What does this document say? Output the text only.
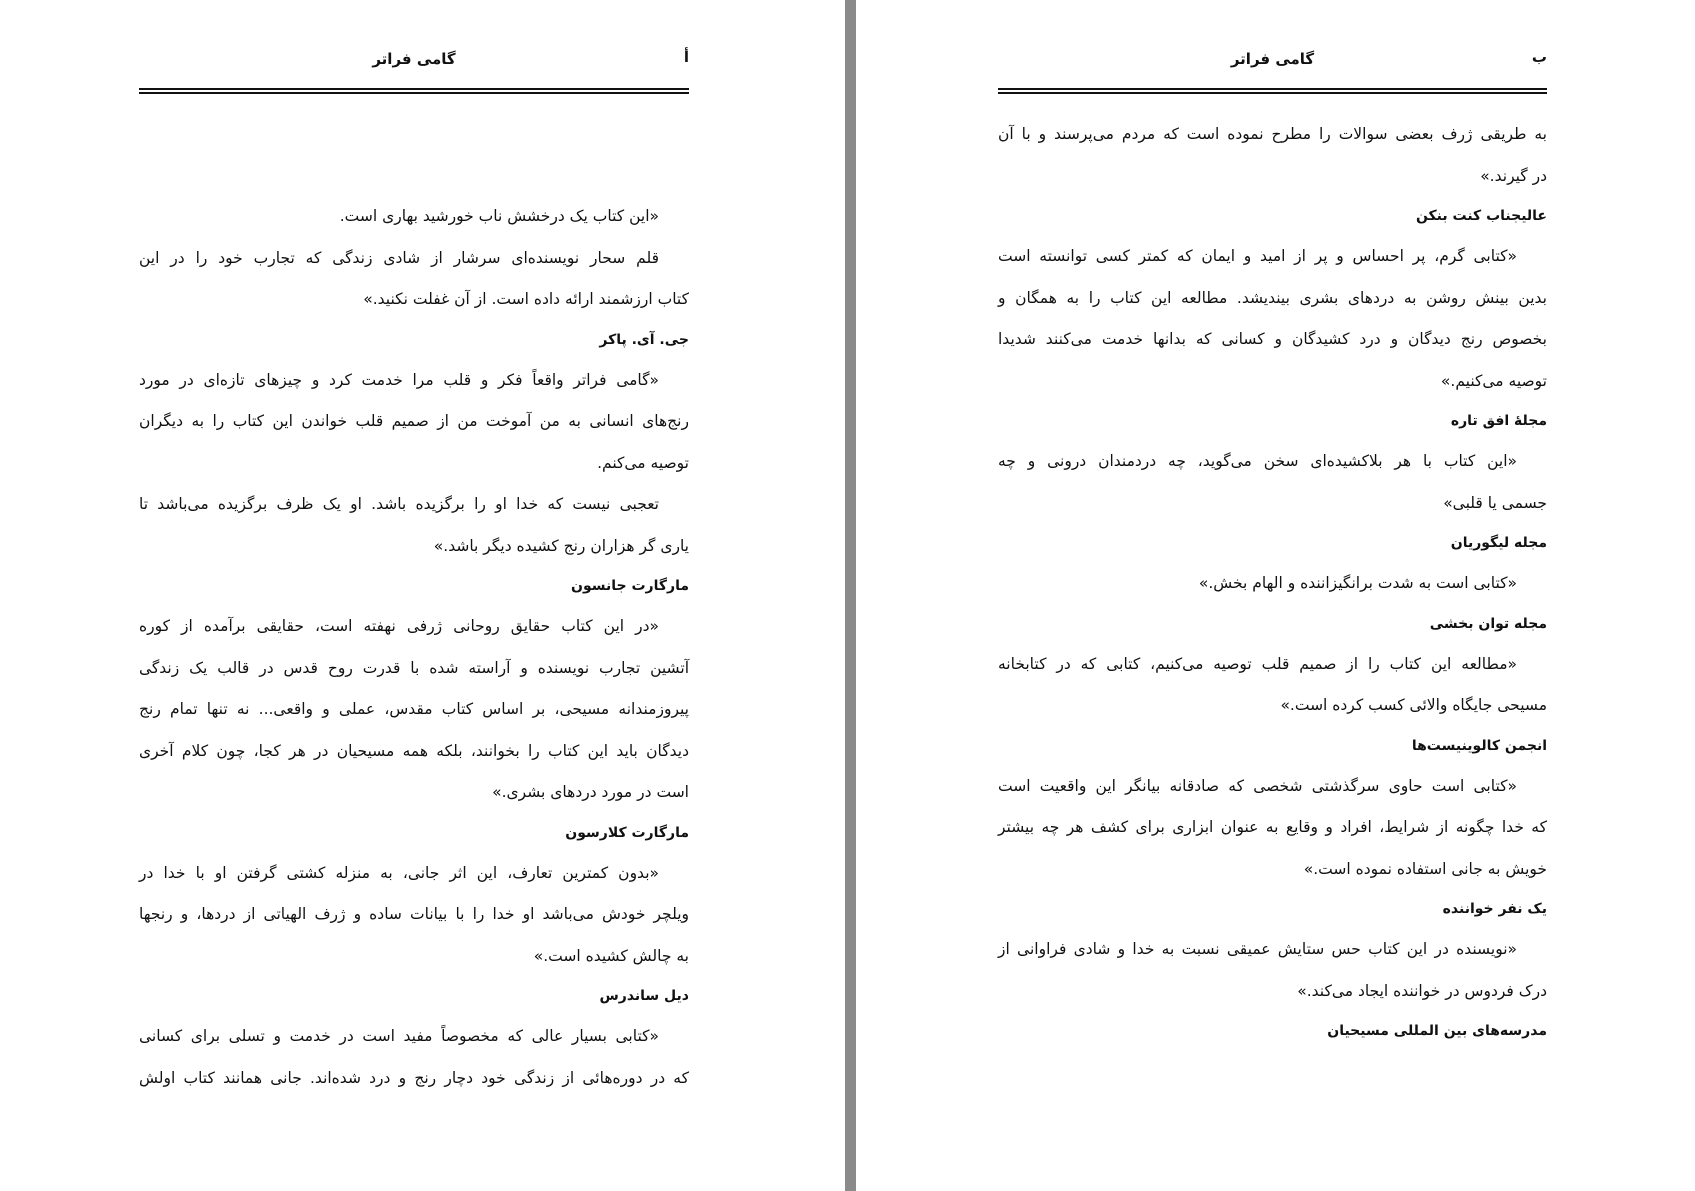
أ
گامی فراتر

«این کتاب یک درخشش ناب خورشید بهاری است.

قلم سحار نویسنده‌ای سرشار از شادی زندگی که تجارب خود را در این

کتاب ارزشمند ارائه داده است. از آن غفلت نکنید.»

جی. آی. پاکر

«گامی فراتر واقعاً فکر و قلب مرا خدمت کرد و چیزهای تازه‌ای در مورد

رنج‌های انسانی به من آموخت من از صمیم قلب خواندن این کتاب را به دیگران

توصیه می‌کنم.

تعجبی نیست که خدا او را برگزیده باشد. او یک ظرف برگزیده می‌باشد تا

یاری گر هزاران رنج کشیده دیگر باشد.»

مارگارت جانسون

«در این کتاب حقایق روحانی ژرفی نهفته است، حقایقی برآمده از کوره

آتشین تجارب نویسنده و آراسته شده با قدرت روح قدس در قالب یک زندگی

پیروزمندانه مسیحی، بر اساس کتاب مقدس، عملی و واقعی... نه تنها تمام رنج

دیدگان باید این کتاب را بخوانند، بلکه همه مسیحیان در هر کجا، چون کلام آخری

است در مورد دردهای بشری.»

مارگارت کلارسون

«بدون کمترین تعارف، این اثر جانی، به منزله کشتی گرفتن او با خدا در

ویلچر خودش می‌باشد او خدا را با بیانات ساده و ژرف الهیاتی از دردها، و رنجها

به چالش کشیده است.»

دیل ساندرس

«کتابی بسیار عالی که مخصوصاً مفید است در خدمت و تسلی برای کسانی

که در دوره‌هائی از زندگی خود دچار رنج و درد شده‌اند. جانی همانند کتاب اولش

ب
گامی فراتر

به طریقی ژرف بعضی سوالات را مطرح نموده است که مردم می‌پرسند و با آن

در گیرند.»

عالیجناب کنت بنکن

«کتابی گرم، پر احساس و پر از امید و ایمان که کمتر کسی توانسته است

بدین بینش روشن به دردهای بشری بیندیشد. مطالعه این کتاب را به همگان و

بخصوص رنج دیدگان و درد کشیدگان و کسانی که بدانها خدمت می‌کنند شدیدا

توصیه می‌کنیم.»

مجلۀ افق تاره

«این کتاب با هر بلاکشیده‌ای سخن می‌گوید، چه دردمندان درونی و چه

جسمی یا قلبی»

مجله لیگوریان

«کتابی است به شدت برانگیزاننده و الهام بخش.»

مجله توان بخشی

«مطالعه این کتاب را از صمیم قلب توصیه می‌کنیم، کتابی که در کتابخانه

مسیحی جایگاه والائی کسب کرده است.»

انجمن کالوینیست‌ها

«کتابی است حاوی سرگذشتی شخصی که صادقانه بیانگر این واقعیت است

که خدا چگونه از شرایط، افراد و وقایع به عنوان ابزاری برای کشف هر چه بیشتر

خویش به جانی استفاده نموده است.»

یک نفر خواننده

«نویسنده در این کتاب حس ستایش عمیقی نسبت به خدا و شادی فراوانی از

درک فردوس در خواننده ایجاد می‌کند.»

مدرسه‌های بین المللی مسیحیان
